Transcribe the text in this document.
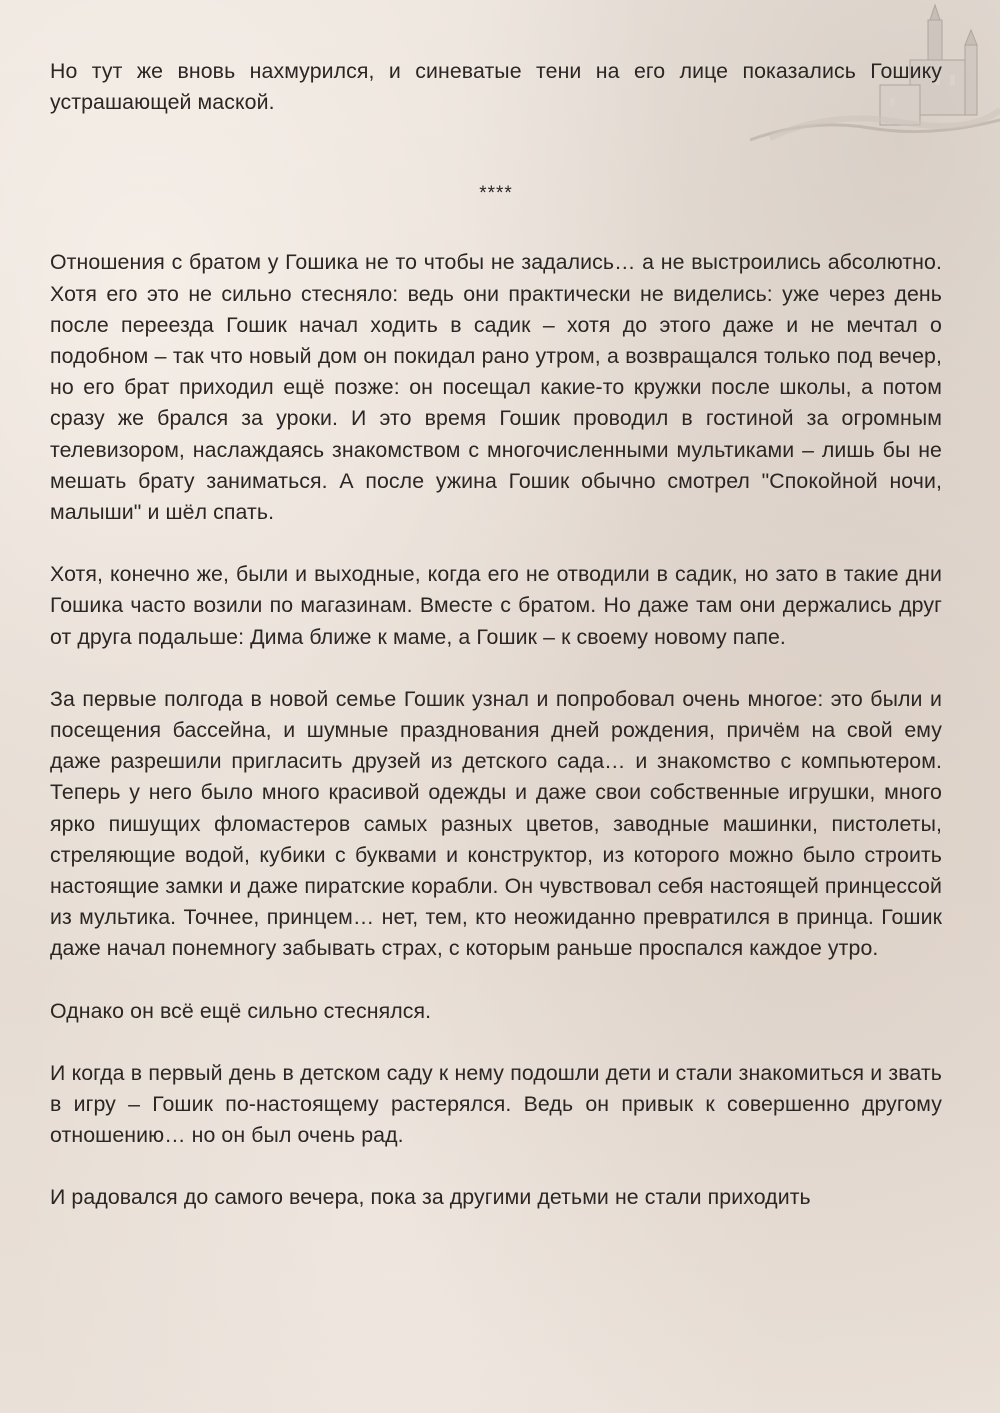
Но тут же вновь нахмурился, и синеватые тени на его лице показались Гошику устрашающей маской.

****

Отношения с братом у Гошика не то чтобы не задались… а не выстроились абсолютно. Хотя его это не сильно стесняло: ведь они практически не виделись: уже через день после переезда Гошик начал ходить в садик – хотя до этого даже и не мечтал о подобном – так что новый дом он покидал рано утром, а возвращался только под вечер, но его брат приходил ещё позже: он посещал какие-то кружки после школы, а потом сразу же брался за уроки. И это время Гошик проводил в гостиной за огромным телевизором, наслаждаясь знакомством с многочисленными мультиками – лишь бы не мешать брату заниматься. А после ужина Гошик обычно смотрел "Спокойной ночи, малыши" и шёл спать.

Хотя, конечно же, были и выходные, когда его не отводили в садик, но зато в такие дни Гошика часто возили по магазинам. Вместе с братом. Но даже там они держались друг от друга подальше: Дима ближе к маме, а Гошик – к своему новому папе.

За первые полгода в новой семье Гошик узнал и попробовал очень многое: это были и посещения бассейна, и шумные празднования дней рождения, причём на свой ему даже разрешили пригласить друзей из детского сада… и знакомство с компьютером. Теперь у него было много красивой одежды и даже свои собственные игрушки, много ярко пишущих фломастеров самых разных цветов, заводные машинки, пистолеты, стреляющие водой, кубики с буквами и конструктор, из которого можно было строить настоящие замки и даже пиратские корабли. Он чувствовал себя настоящей принцессой из мультика. Точнее, принцем… нет, тем, кто неожиданно превратился в принца. Гошик даже начал понемногу забывать страх, с которым раньше проспался каждое утро.

Однако он всё ещё сильно стеснялся.

И когда в первый день в детском саду к нему подошли дети и стали знакомиться и звать в игру – Гошик по-настоящему растерялся. Ведь он привык к совершенно другому отношению… но он был очень рад.

И радовался до самого вечера, пока за другими детьми не стали приходить
